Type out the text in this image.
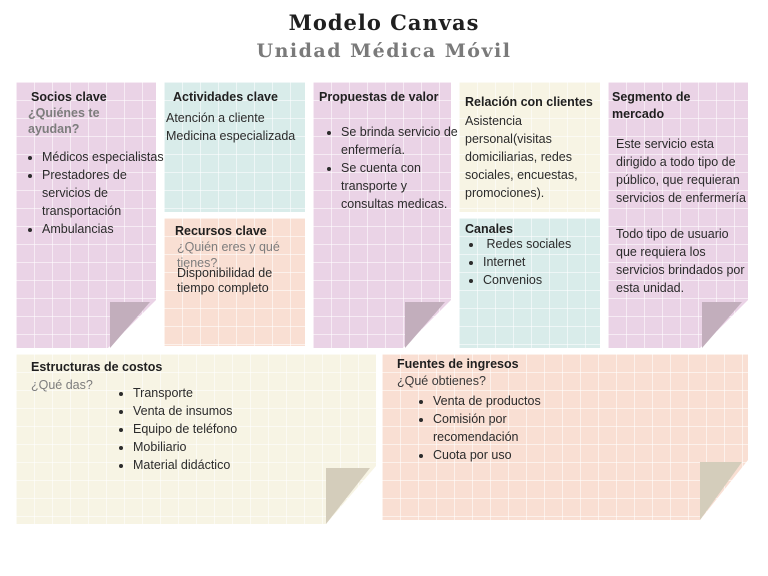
Modelo Canvas
Unidad Médica Móvil
Socios clave
¿Quiénes te ayudan?
• Médicos especialistas
• Prestadores de servicios de transportación
• Ambulancias
Actividades clave
Atención a cliente
Medicina especializada
Recursos clave
¿Quién eres y qué tienes?
Disponibilidad de tiempo completo
Propuestas de valor
• Se brinda servicio de enfermería.
• Se cuenta con transporte y consultas medicas.
Relación con clientes
Asistencia personal(visitas domiciliarias, redes sociales, encuestas, promociones).
Canales
•  Redes sociales
• Internet
• Convenios
Segmento de mercado
Este servicio esta dirigido a todo tipo de público, que requieran servicios de enfermería
Todo tipo de usuario que requiera los servicios brindados por esta unidad.
Estructuras de costos
¿Qué das?
• Transporte
• Venta de insumos
• Equipo de teléfono
• Mobiliario
• Material didáctico
Fuentes de ingresos
¿Qué obtienes?
• Venta de productos
• Comisión por recomendación
• Cuota por uso
